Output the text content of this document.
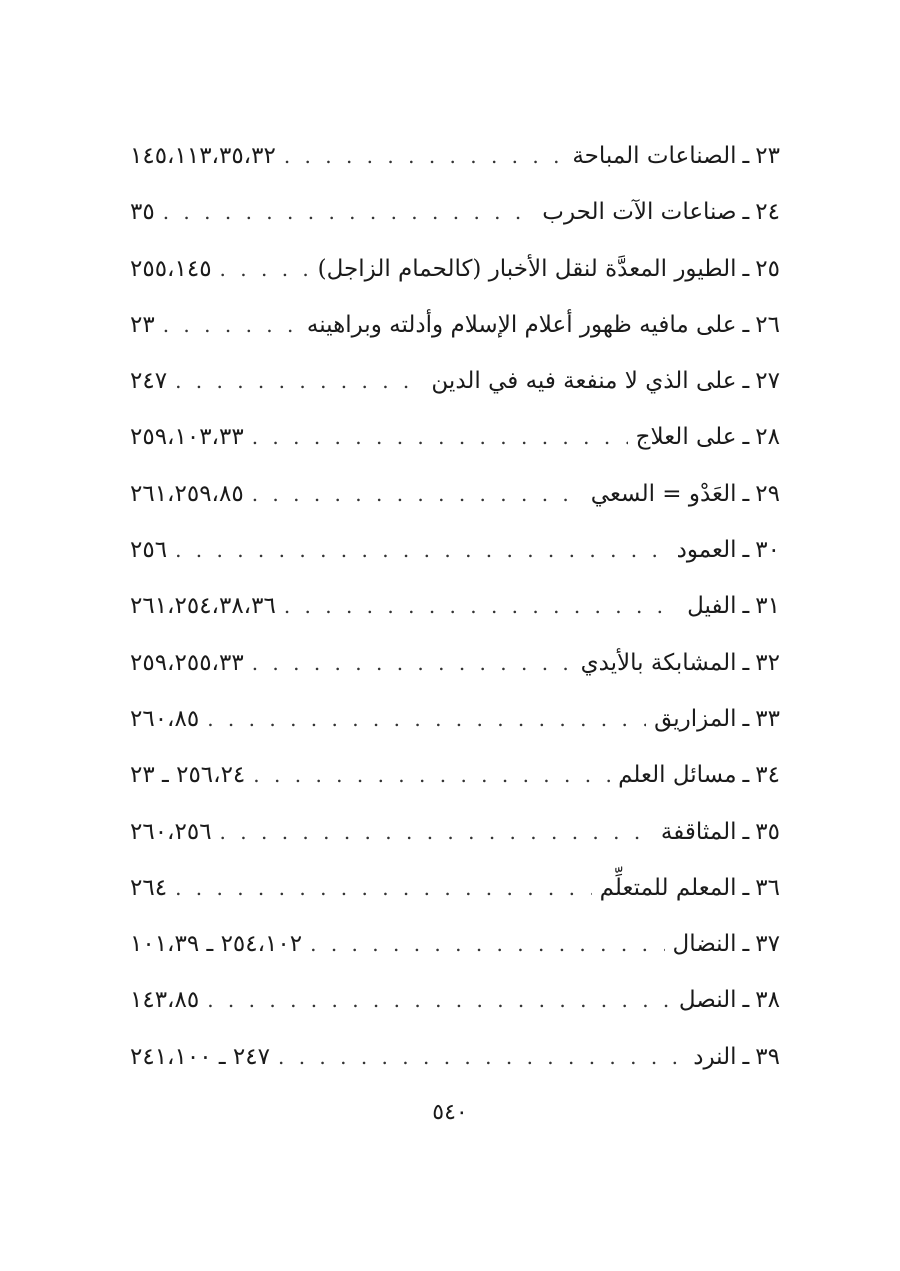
٢٣
ـ
الصناعات المباحة
. . .
١٤٥،١١٣،٣٥،٣٢
٢٤
ـ
صناعات الآت الحرب
. . .
٣٥
٢٥
ـ
الطيور المعدَّة لنقل الأخبار (كالحمام الزاجل)
. . .
٢٥٥،١٤٥
٢٦
ـ
على مافيه ظهور أعلام الإسلام وأدلته وبراهينه
. . .
٢٣
٢٧
ـ
على الذي لا منفعة فيه في الدين
. . .
٢٤٧
٢٨
ـ
على العلاج
. . .
٢٥٩،١٠٣،٣٣
٢٩
ـ
العَدْو = السعي
. . .
٢٦١،٢٥٩،٨٥
٣٠
ـ
العمود
. . .
٢٥٦
٣١
ـ
الفيل
. . .
٢٦١،٢٥٤،٣٨،٣٦
٣٢
ـ
المشابكة بالأيدي
. . .
٢٥٩،٢٥٥،٣٣
٣٣
ـ
المزاريق
. . .
٢٦٠،٨٥
٣٤
ـ
مسائل العلم
. . .
٢٥٦،٢٤ ـ ٢٣
٣٥
ـ
المثاقفة
. . .
٢٦٠،٢٥٦
٣٦
ـ
المعلم للمتعلِّم
. . .
٢٦٤
٣٧
ـ
النضال
. . .
٢٥٤،١٠٢ ـ ١٠١،٣٩
٣٨
ـ
النصل
. . .
١٤٣،٨٥
٣٩
ـ
النرد
. . .
٢٤٧ ـ ٢٤١،١٠٠
٥٤٠
